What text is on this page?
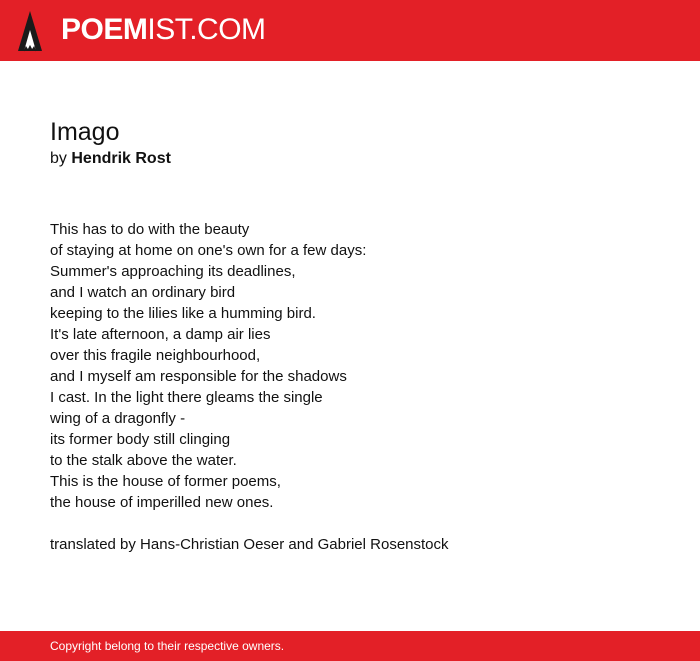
POEMIST.COM
Imago
by Hendrik Rost
This has to do with the beauty
of staying at home on one's own for a few days:
Summer's approaching its deadlines,
and I watch an ordinary bird
keeping to the lilies like a humming bird.
It's late afternoon, a damp air lies
over this fragile neighbourhood,
and I myself am responsible for the shadows
I cast. In the light there gleams the single
wing of a dragonfly -
its former body still clinging
to the stalk above the water.
This is the house of former poems,
the house of imperilled new ones.
translated by Hans-Christian Oeser and Gabriel Rosenstock
Copyright belong to their respective owners.
